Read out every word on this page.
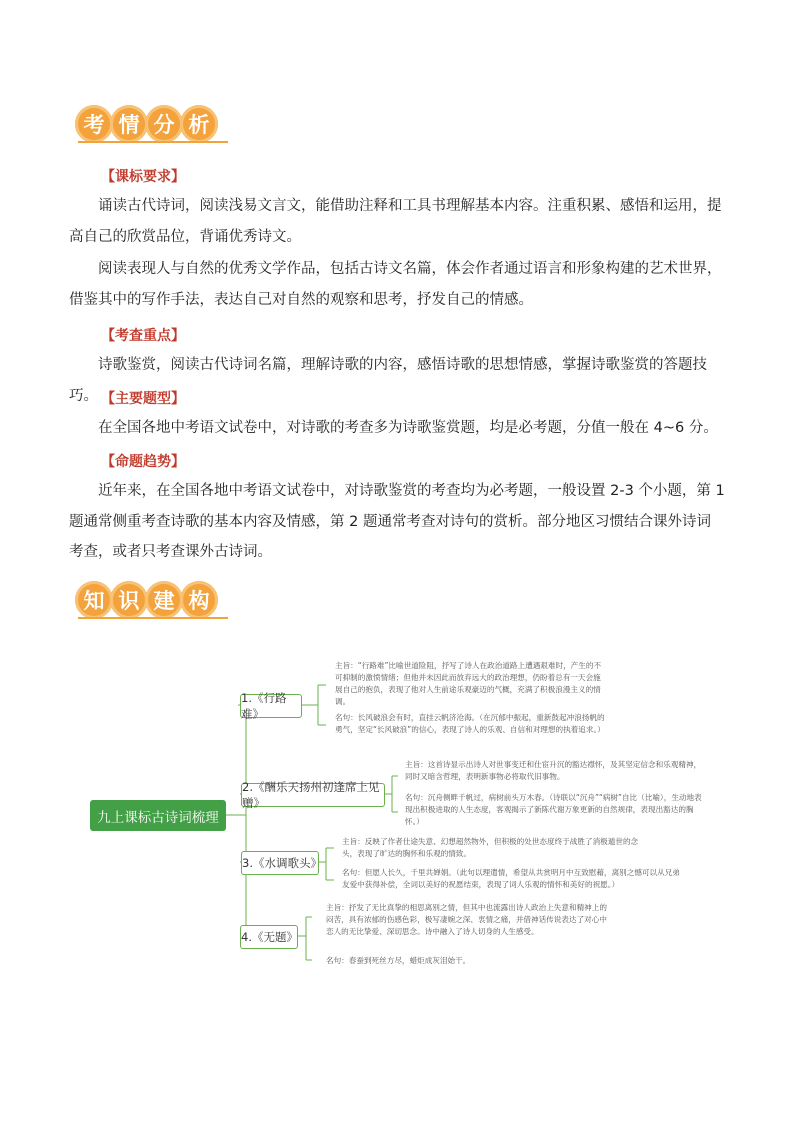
考 情 分 析
【课标要求】
诵读古代诗词，阅读浅易文言文，能借助注释和工具书理解基本内容。注重积累、感悟和运用，提高自己的欣赏品位，背诵优秀诗文。
阅读表现人与自然的优秀文学作品，包括古诗文名篇，体会作者通过语言和形象构建的艺术世界，借鉴其中的写作手法，表达自己对自然的观察和思考，抒发自己的情感。
【考查重点】
诗歌鉴赏，阅读古代诗词名篇，理解诗歌的内容，感悟诗歌的思想情感，掌握诗歌鉴赏的答题技巧。 【主要题型】
在全国各地中考语文试卷中，对诗歌的考查多为诗歌鉴赏题，均是必考题，分值一般在 4~6 分。
【命题趋势】
近年来，在全国各地中考语文试卷中，对诗歌鉴赏的考查均为必考题，一般设置 2-3 个小题，第 1 题通常侧重考查诗歌的基本内容及情感，第 2 题通常考查对诗句的赏析。部分地区习惯结合课外诗词考查，或者只考查课外古诗词。
知 识 建 构
九上课标古诗词梳理
1.《行路难》
主旨：“行路难”比喻世道险阻，抒写了诗人在政治道路上遭遇艰难时，产生的不可抑制的激愤情绪；但他并未因此而放弃远大的政治理想，仍盼着总有一天会施展自己的抱负，表现了他对人生前途乐观豪迈的气概，充满了积极浪漫主义的情调。
名句：长风破浪会有时，直挂云帆济沧海。（在沉郁中振起，重新鼓起冲浪扬帆的勇气，坚定“长风破浪”的信心，表现了诗人的乐观、自信和对理想的执着追求。）
2.《酬乐天扬州初逢席上见赠》
主旨：这首诗显示出诗人对世事变迁和仕宦升沉的豁达襟怀，及其坚定信念和乐观精神，同时又暗含哲理，表明新事物必将取代旧事物。
名句：沉舟侧畔千帆过，病树前头万木春。（诗联以“沉舟”“病树”自比（比喻），生动地表现出积极进取的人生态度，客观揭示了新陈代谢万象更新的自然规律，表现出豁达的胸怀。）
3.《水调歌头》
主旨：反映了作者仕途失意、幻想超然物外，但积极的处世态度终于战胜了消极遁世的念头，表现了旷达的胸怀和乐观的情致。
名句：但愿人长久，千里共婵娟。（此句以理遣情，希望从共赏明月中互致慰藉，离别之憾可以从兄弟友爱中获得补偿，全词以美好的祝愿结束，表现了词人乐观的情怀和美好的祝愿。）
4.《无题》
主旨：抒发了无比真挚的相思离别之情，但其中也流露出诗人政治上失意和精神上的闷苦，具有浓郁的伤感色彩，极写凄婉之深、衷情之痛，并借神话传说表达了对心中恋人的无比挚爱、深切思念。诗中融入了诗人切身的人生感受。
名句：春蚕到死丝方尽，蜡炬成灰泪始干。
